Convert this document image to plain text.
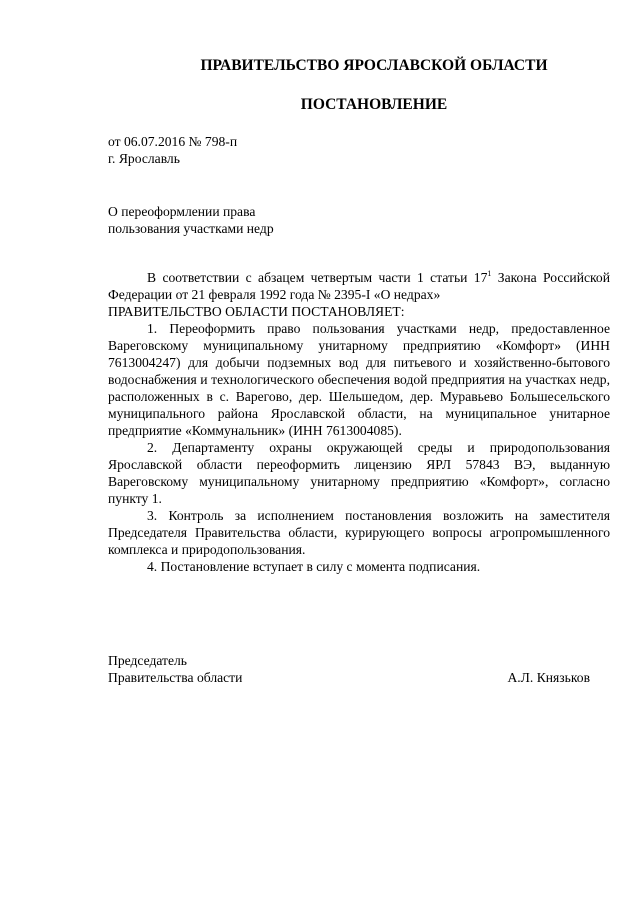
ПРАВИТЕЛЬСТВО ЯРОСЛАВСКОЙ ОБЛАСТИ
ПОСТАНОВЛЕНИЕ
от 06.07.2016 № 798-п
г. Ярославль
О переоформлении права
пользования участками недр

В соответствии с абзацем четвертым части 1 статьи $17^1$ Закона Российской Федерации от 21 февраля 1992 года № 2395-I «О недрах»

ПРАВИТЕЛЬСТВО ОБЛАСТИ ПОСТАНОВЛЯЕТ:

1. Переоформить право пользования участками недр, предоставленное Вареговскому муниципальному унитарному предприятию «Комфорт» (ИНН 7613004247) для добычи подземных вод для питьевого и хозяйственно-бытового водоснабжения и технологического обеспечения водой предприятия на участках недр, расположенных в с. Варегово, дер. Шельшедом, дер. Муравьево Большесельского муниципального района Ярославской области, на муниципальное унитарное предприятие «Коммунальник» (ИНН 7613004085).

2. Департаменту охраны окружающей среды и природопользования Ярославской области переоформить лицензию ЯРЛ 57843 ВЭ, выданную Вареговскому муниципальному унитарному предприятию «Комфорт», согласно пункту 1.

3. Контроль за исполнением постановления возложить на заместителя Председателя Правительства области, курирующего вопросы агропромышленного комплекса и природопользования.

4. Постановление вступает в силу с момента подписания.

Председатель
Правительства области	А.Л. Князьков
